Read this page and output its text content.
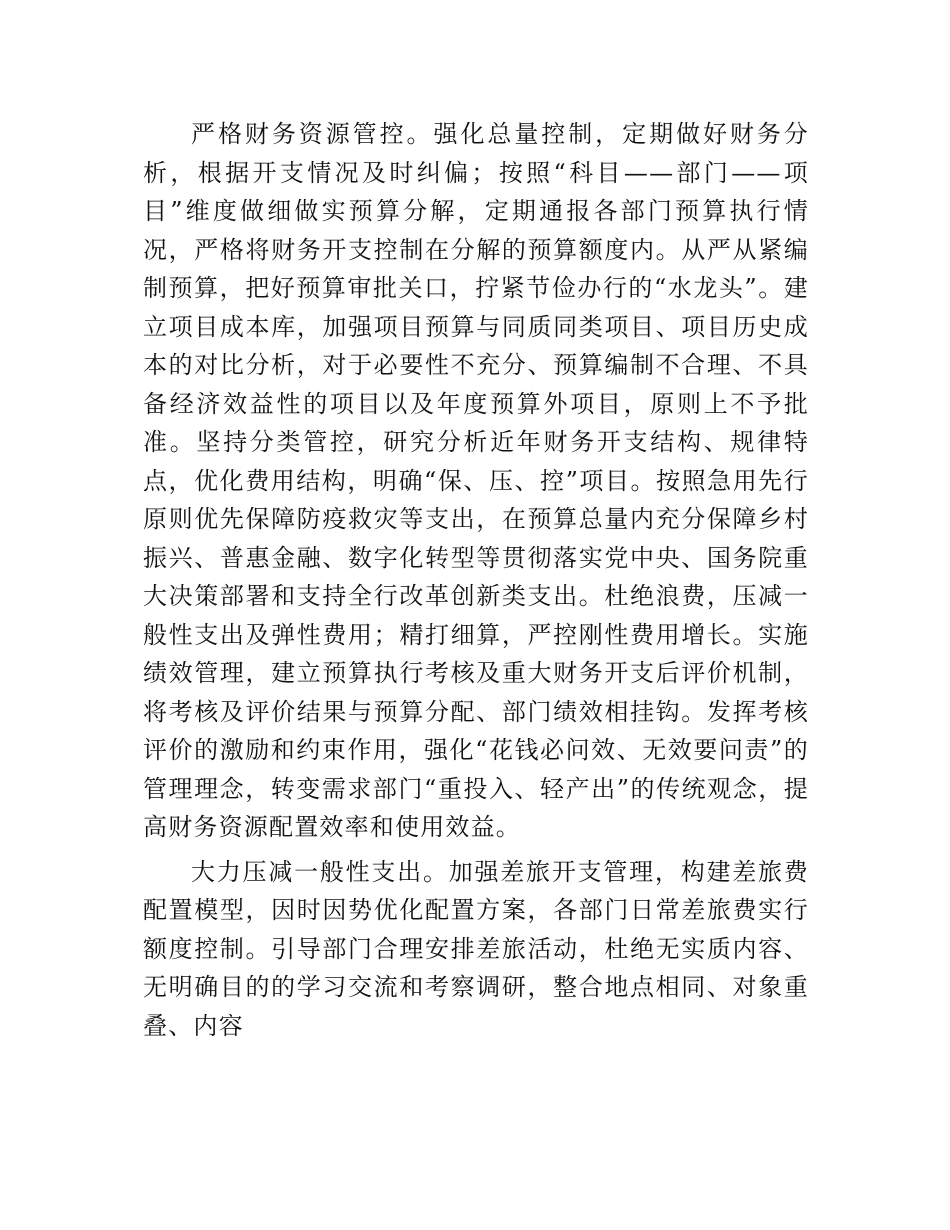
严格财务资源管控。强化总量控制，定期做好财务分析，根据开支情况及时纠偏；按照“科目——部门——项目”维度做细做实预算分解，定期通报各部门预算执行情况，严格将财务开支控制在分解的预算额度内。从严从紧编制预算，把好预算审批关口，拧紧节俭办行的“水龙头”。建立项目成本库，加强项目预算与同质同类项目、项目历史成本的对比分析，对于必要性不充分、预算编制不合理、不具备经济效益性的项目以及年度预算外项目，原则上不予批准。坚持分类管控，研究分析近年财务开支结构、规律特点，优化费用结构，明确“保、压、控”项目。按照急用先行原则优先保障防疫救灾等支出，在预算总量内充分保障乡村振兴、普惠金融、数字化转型等贯彻落实党中央、国务院重大决策部署和支持全行改革创新类支出。杜绝浪费，压减一般性支出及弹性费用；精打细算，严控刚性费用增长。实施绩效管理，建立预算执行考核及重大财务开支后评价机制，将考核及评价结果与预算分配、部门绩效相挂钩。发挥考核评价的激励和约束作用，强化“花钱必问效、无效要问责”的管理理念，转变需求部门“重投入、轻产出”的传统观念，提高财务资源配置效率和使用效益。

大力压减一般性支出。加强差旅开支管理，构建差旅费配置模型，因时因势优化配置方案，各部门日常差旅费实行额度控制。引导部门合理安排差旅活动，杜绝无实质内容、无明确目的的学习交流和考察调研，整合地点相同、对象重叠、内容
